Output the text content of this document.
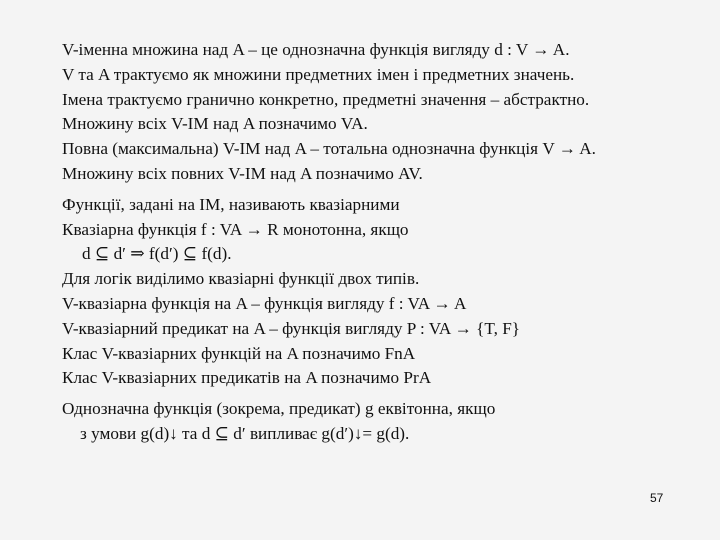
V-іменна множина над A – це однозначна функція вигляду d : V → A.
V та A трактуємо як множини предметних імен і предметних значень.
Імена трактуємо гранично конкретно, предметні значення – абстрактно.
Множину всіх V-ІМ над A позначимо VA.
Повна (максимальна) V-ІМ над A – тотальна однозначна функція V → A.
Множину всіх повних V-ІМ над A позначимо AV.
Функції, задані на ІМ, називають квазіарними
Квазіарна функція f : VA → R монотонна, якщо
d ⊆ d′ ⇒ f(d′) ⊆ f(d).
Для логік виділимо квазіарні функції двох типів.
V-квазіарна функція на A – функція вигляду f : VA → A
V-квазіарний предикат на A – функція вигляду P : VA → {T, F}
Клас V-квазіарних функцій на A позначимо FnA
Клас V-квазіарних предикатів на A позначимо PrA
Однозначна функція (зокрема, предикат) g еквітонна, якщо
з умови g(d)↓ та d ⊆ d′ випливає g(d′)↓= g(d).
57
